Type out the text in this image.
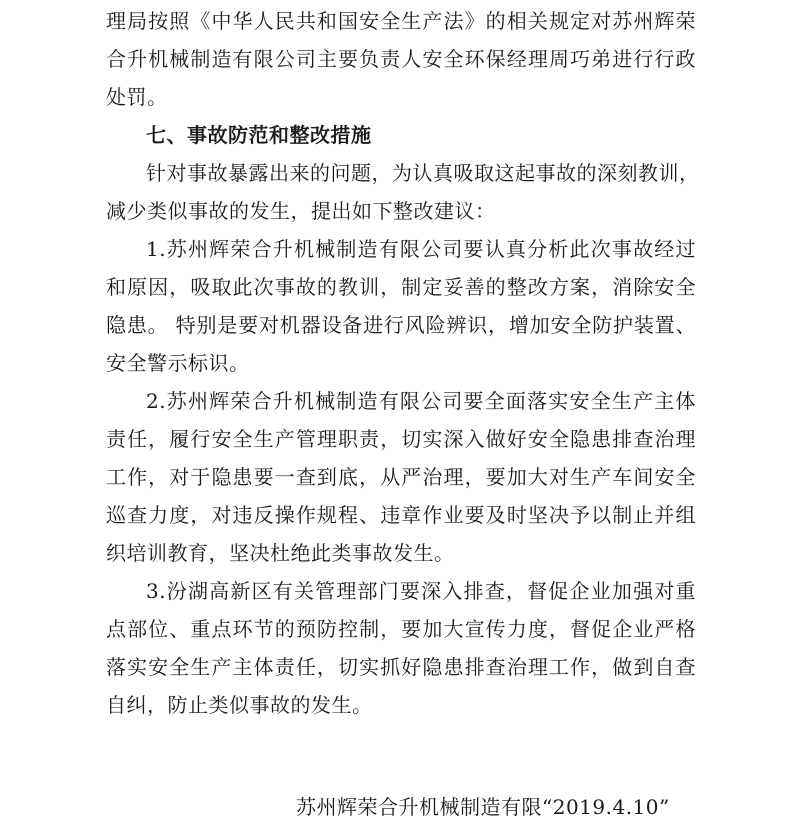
理局按照《中华人民共和国安全生产法》的相关规定对苏州辉荣
合升机械制造有限公司主要负责人安全环保经理周巧弟进行行政
处罚。
七、事故防范和整改措施
针对事故暴露出来的问题，为认真吸取这起事故的深刻教训，
减少类似事故的发生，提出如下整改建议：
1.苏州辉荣合升机械制造有限公司要认真分析此次事故经过
和原因，吸取此次事故的教训，制定妥善的整改方案，消除安全
隐患。 特别是要对机器设备进行风险辨识，增加安全防护装置、
安全警示标识。
2.苏州辉荣合升机械制造有限公司要全面落实安全生产主体
责任，履行安全生产管理职责，切实深入做好安全隐患排查治理
工作，对于隐患要一查到底，从严治理，要加大对生产车间安全
巡查力度，对违反操作规程、违章作业要及时坚决予以制止并组
织培训教育，坚决杜绝此类事故发生。
3.汾湖高新区有关管理部门要深入排查，督促企业加强对重
点部位、重点环节的预防控制，要加大宣传力度，督促企业严格
落实安全生产主体责任，切实抓好隐患排查治理工作，做到自查
自纠，防止类似事故的发生。
苏州辉荣合升机械制造有限“2019.4.10”
